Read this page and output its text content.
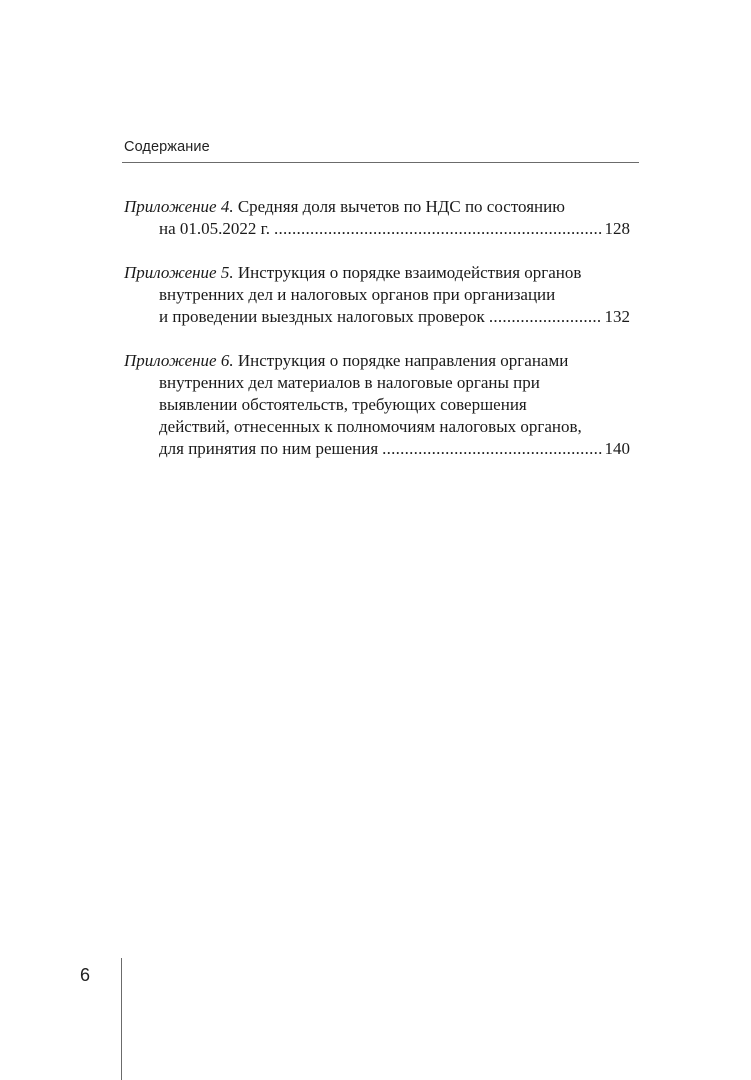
Содержание
Приложение 4. Средняя доля вычетов по НДС по состоянию
на 01.05.2022 г. . . .	128
Приложение 5. Инструкция о порядке взаимодействия органов
внутренних дел и налоговых органов при организации
и проведении выездных налоговых проверок . . .	132
Приложение 6. Инструкция о порядке направления органами
внутренних дел материалов в налоговые органы при
выявлении обстоятельств, требующих совершения
действий, отнесенных к полномочиям налоговых органов,
для принятия по ним решения . . .	140
6
